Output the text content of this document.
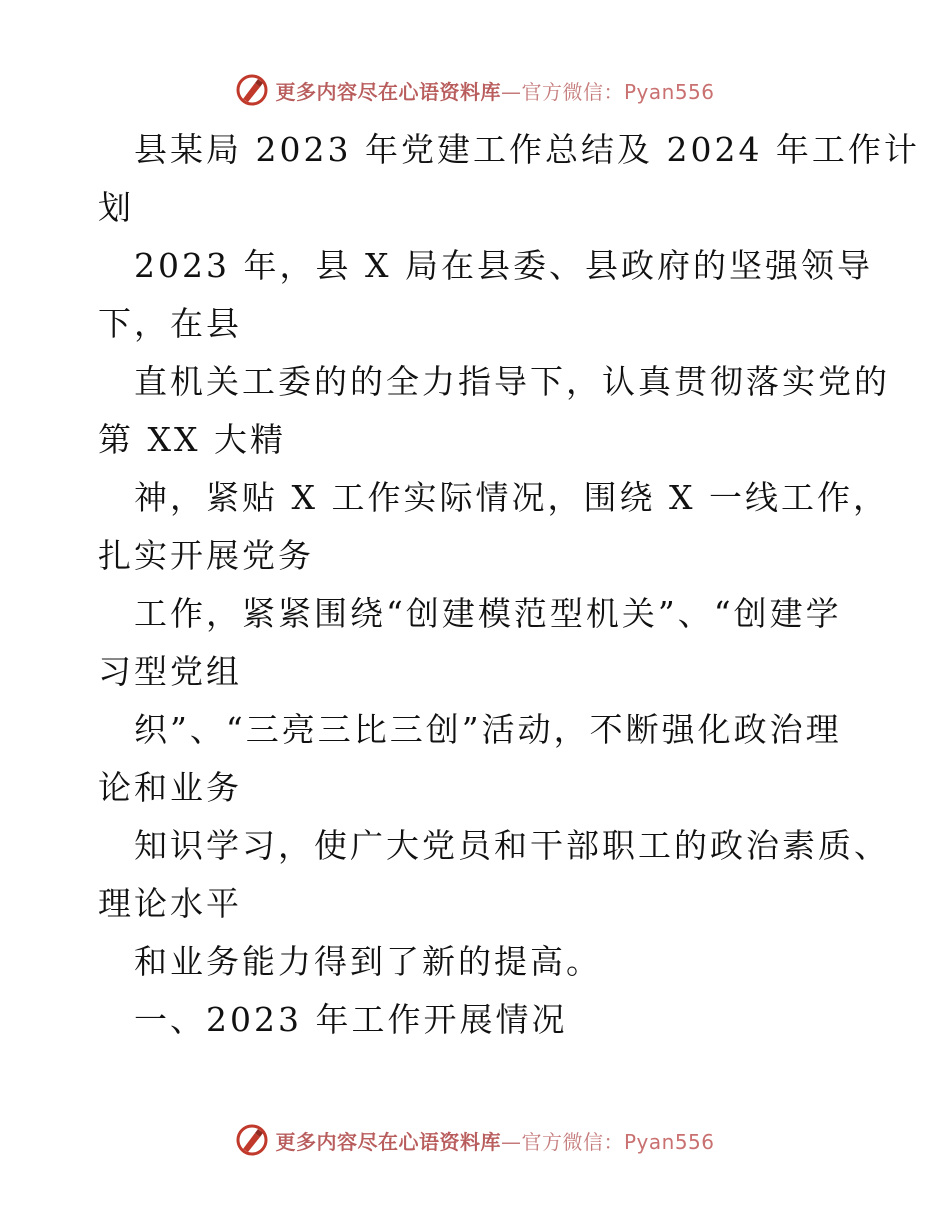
更多内容尽在心语资料库—官方微信：Pyan556
县某局 2023 年党建工作总结及 2024 年工作计
划
2023 年，县 X 局在县委、县政府的坚强领导
下，在县
直机关工委的的全力指导下，认真贯彻落实党的
第 XX 大精
神，紧贴 X 工作实际情况，围绕 X 一线工作，
扎实开展党务
工作，紧紧围绕“创建模范型机关”、“创建学
习型党组
织”、“三亮三比三创”活动，不断强化政治理
论和业务
知识学习，使广大党员和干部职工的政治素质、
理论水平
和业务能力得到了新的提高。
一、2023 年工作开展情况
更多内容尽在心语资料库—官方微信：Pyan556
